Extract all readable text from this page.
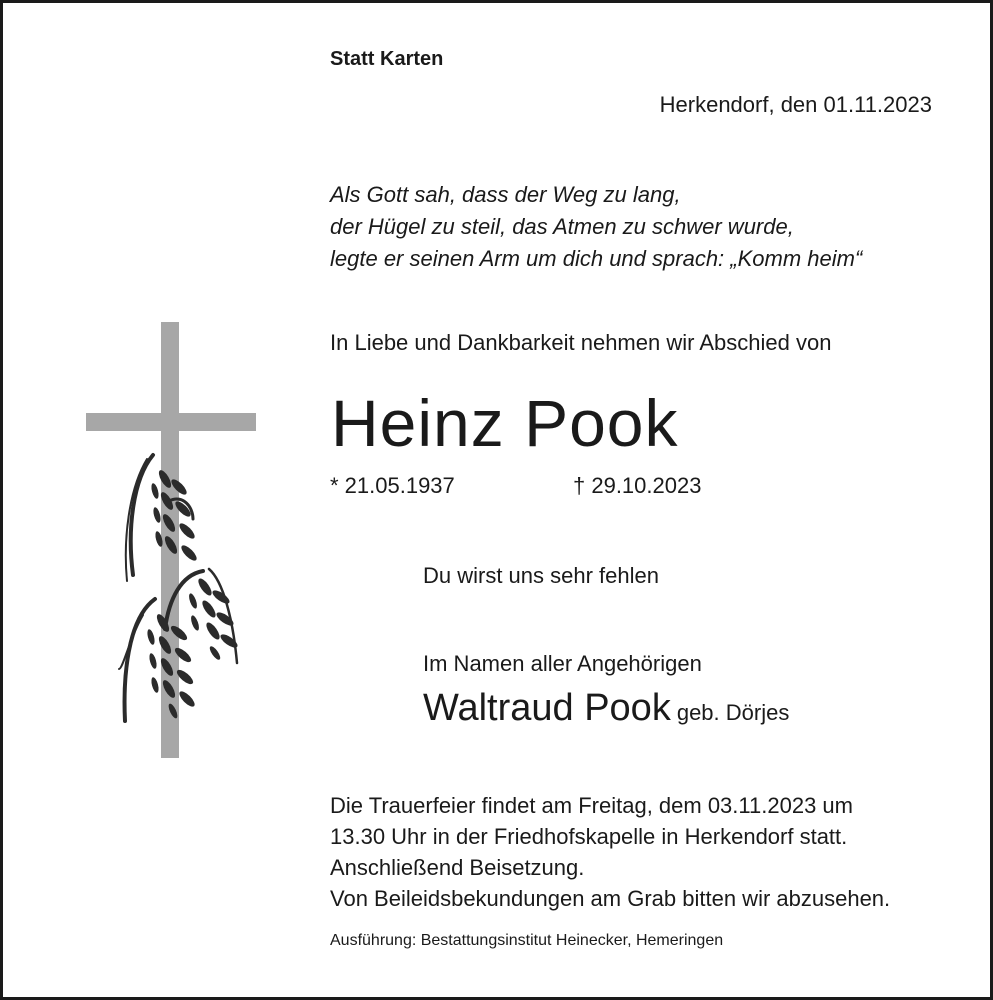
Statt Karten
Herkendorf, den 01.11.2023
Als Gott sah, dass der Weg zu lang,
der Hügel zu steil, das Atmen zu schwer wurde,
legte er seinen Arm um dich und sprach: „Komm heim“
In Liebe und Dankbarkeit nehmen wir Abschied von
Heinz Pook
* 21.05.1937	† 29.10.2023
Du wirst uns sehr fehlen
Im Namen aller Angehörigen
Waltraud Pook geb. Dörjes
Die Trauerfeier findet am Freitag, dem 03.11.2023 um
13.30 Uhr in der Friedhofskapelle in Herkendorf statt.
Anschließend Beisetzung.
Von Beileidsbekundungen am Grab bitten wir abzusehen.
Ausführung: Bestattungsinstitut Heinecker, Hemeringen
